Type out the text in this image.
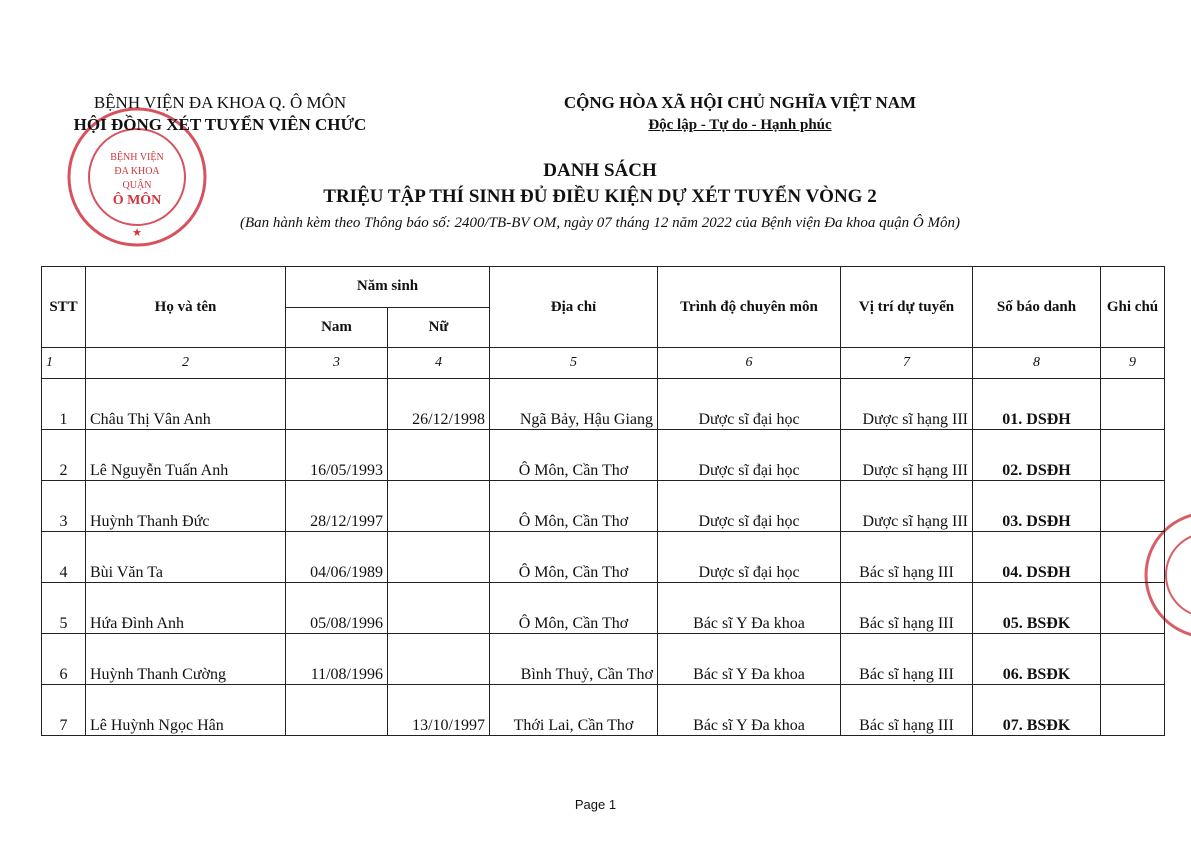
BỆNH VIỆN
ĐA KHOA
QUẬN
Ô MÔN
★
BỆNH VIỆN ĐA KHOA Q. Ô MÔN
HỘI ĐỒNG XÉT TUYỂN VIÊN CHỨC
CỘNG HÒA XÃ HỘI CHỦ NGHĨA VIỆT NAM
Độc lập - Tự do - Hạnh phúc
DANH SÁCH
TRIỆU TẬP THÍ SINH ĐỦ ĐIỀU KIỆN DỰ XÉT TUYỂN VÒNG 2
(Ban hành kèm theo Thông báo số: 2400/TB-BV OM, ngày 07 tháng 12 năm 2022 của Bệnh viện Đa khoa quận Ô Môn)
STT	Họ và tên	Năm sinh		Địa chỉ	Trình độ chuyên môn	Vị trí dự tuyển	Số báo danh	Ghi chú
		Nam	Nữ					
1	2	3	4	5	6	7	8	9
1	Châu Thị Vân Anh		26/12/1998	Ngã Bảy, Hậu Giang	Dược sĩ đại học	Dược sĩ hạng III	01. DSĐH	
2	Lê Nguyễn Tuấn Anh	16/05/1993		Ô Môn, Cần Thơ	Dược sĩ đại học	Dược sĩ hạng III	02. DSĐH	
3	Huỳnh Thanh Đức	28/12/1997		Ô Môn, Cần Thơ	Dược sĩ đại học	Dược sĩ hạng III	03. DSĐH	
4	Bùi Văn Ta	04/06/1989		Ô Môn, Cần Thơ	Dược sĩ đại học	Bác sĩ hạng III	04. DSĐH	
5	Hứa Đình Anh	05/08/1996		Ô Môn, Cần Thơ	Bác sĩ Y Đa khoa	Bác sĩ hạng III	05. BSĐK	
6	Huỳnh Thanh Cường	11/08/1996		Bình Thuỷ, Cần Thơ	Bác sĩ Y Đa khoa	Bác sĩ hạng III	06. BSĐK	
7	Lê Huỳnh Ngọc Hân		13/10/1997	Thới Lai, Cần Thơ	Bác sĩ Y Đa khoa	Bác sĩ hạng III	07. BSĐK	
Page 1
